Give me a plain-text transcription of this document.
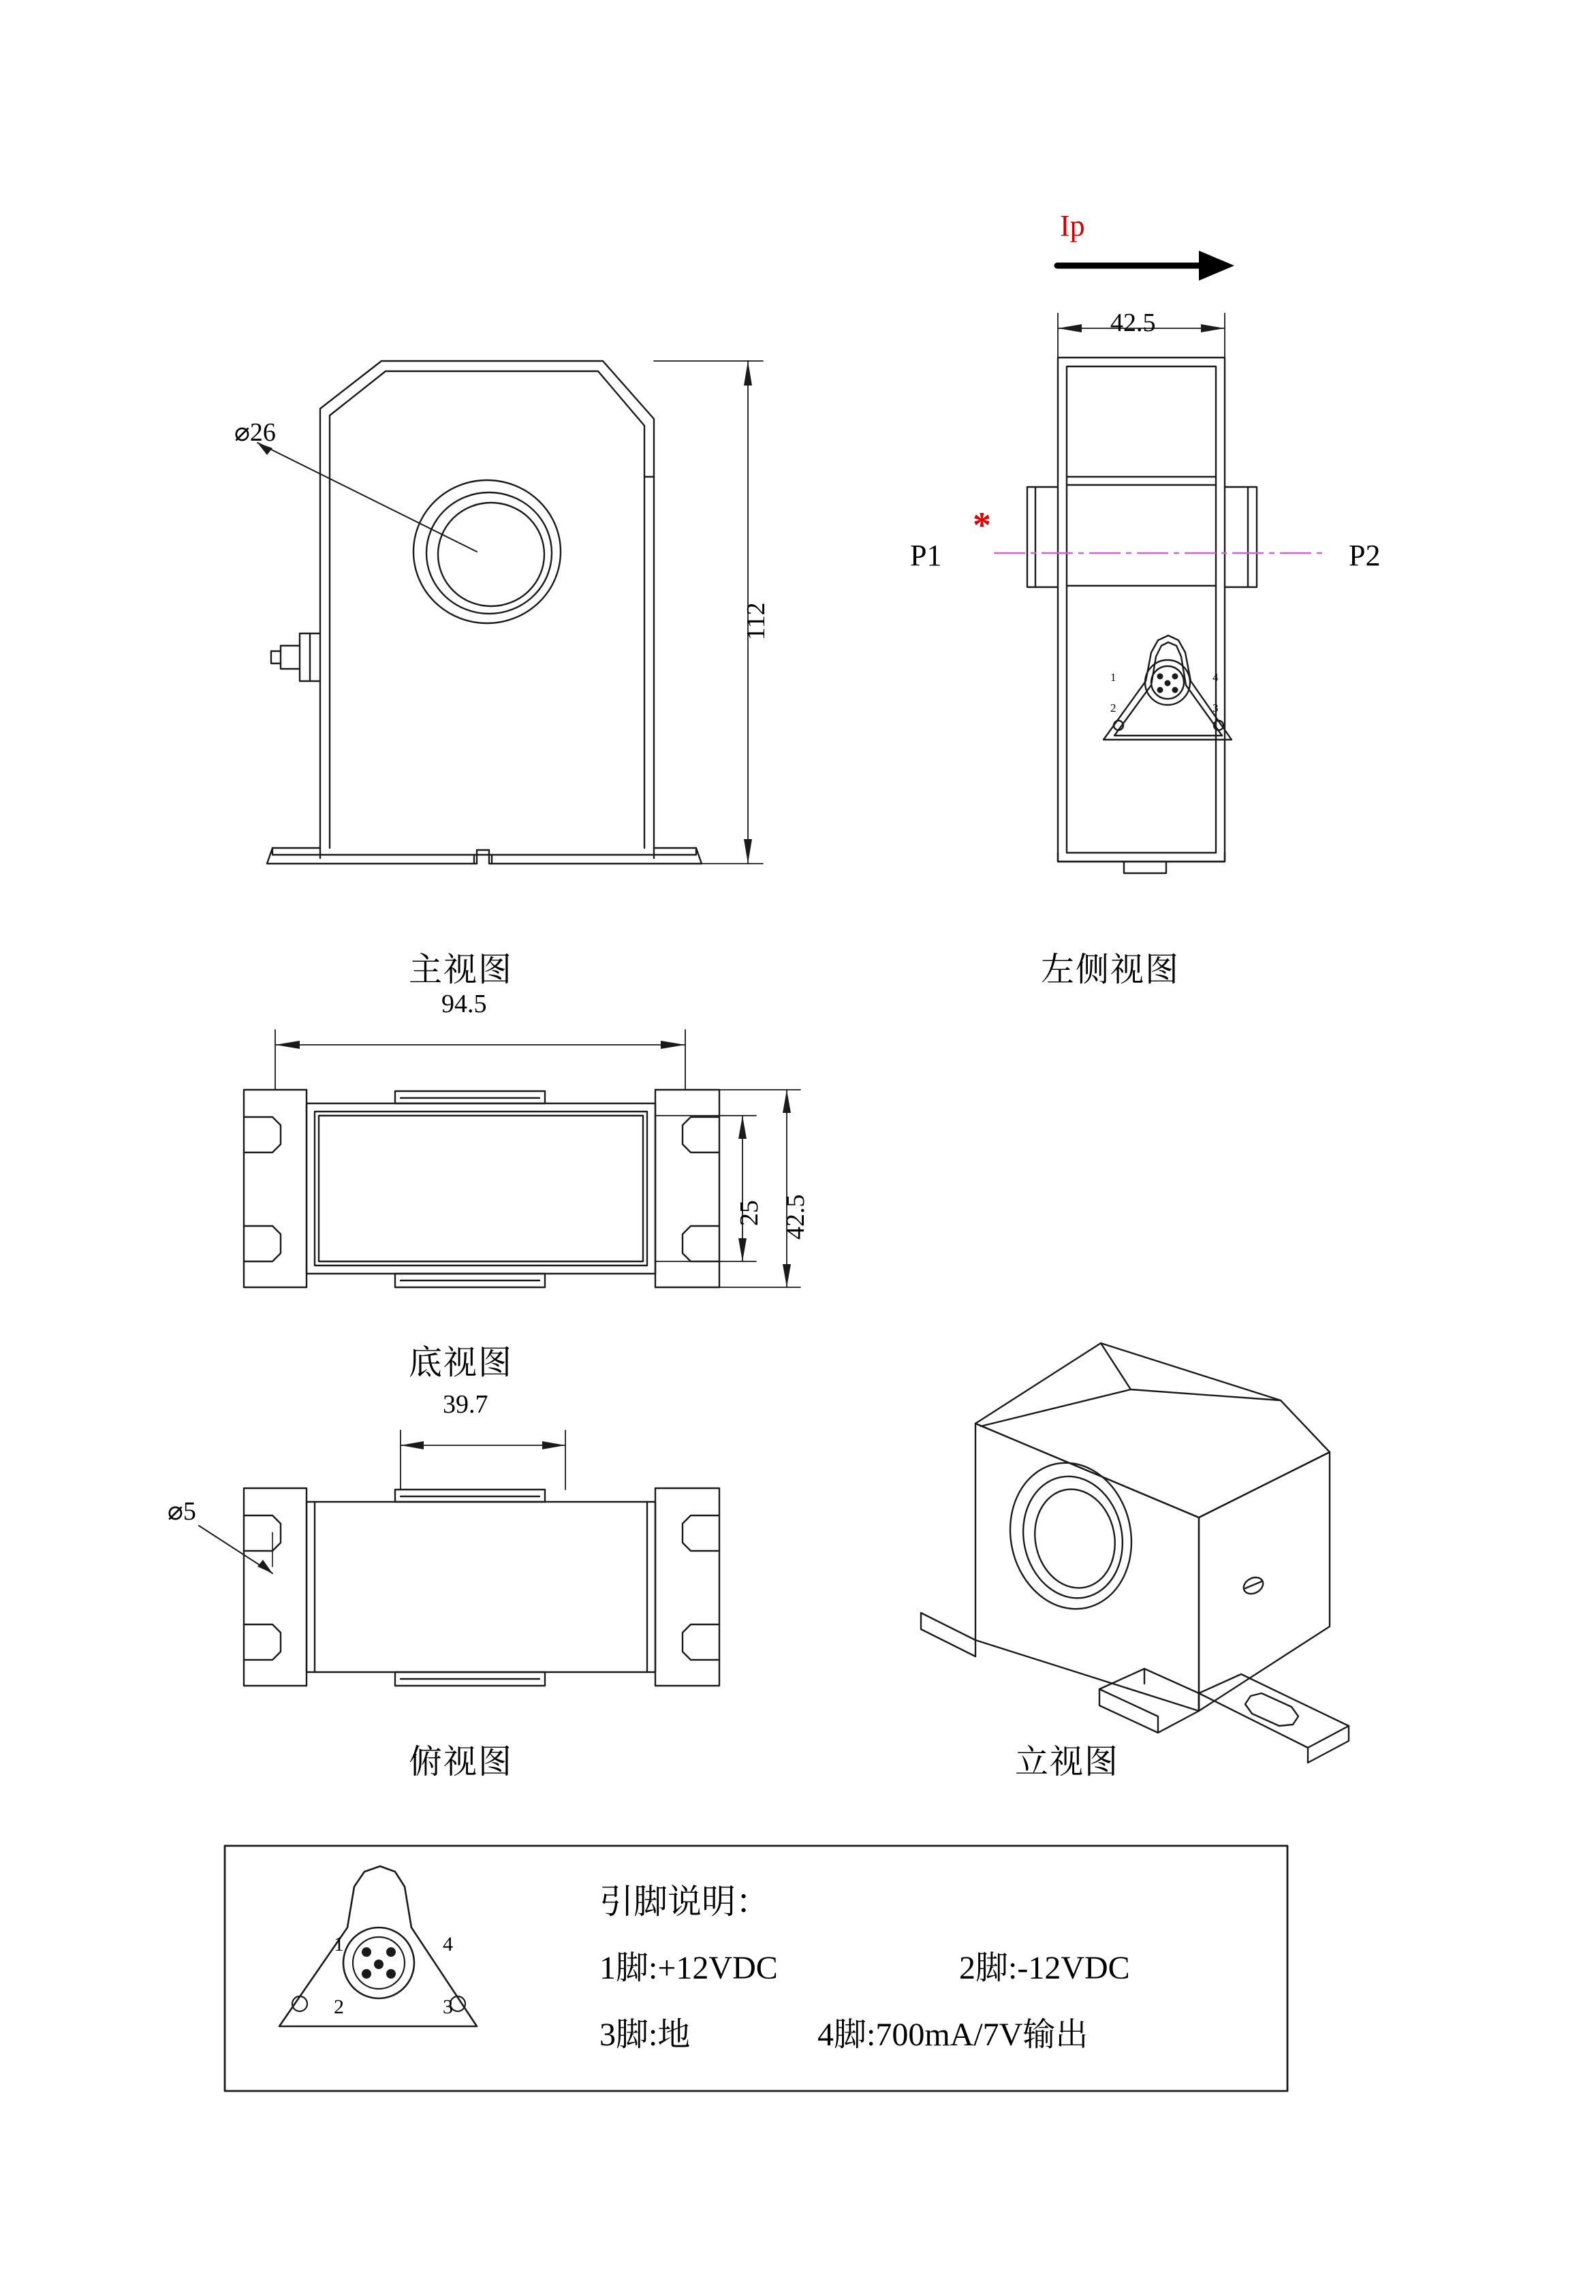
⌀26
112
主视图
Ip
42.5
*
P1	P2
1
2	3
4
左侧视图
94.5
25 42.5
底视图
39.7
⌀5
俯视图	立视图
引脚说明：
1脚:+12VDC	2脚:-12VDC
3脚:地	4脚:700mA/7V输出
1
2	3
4
